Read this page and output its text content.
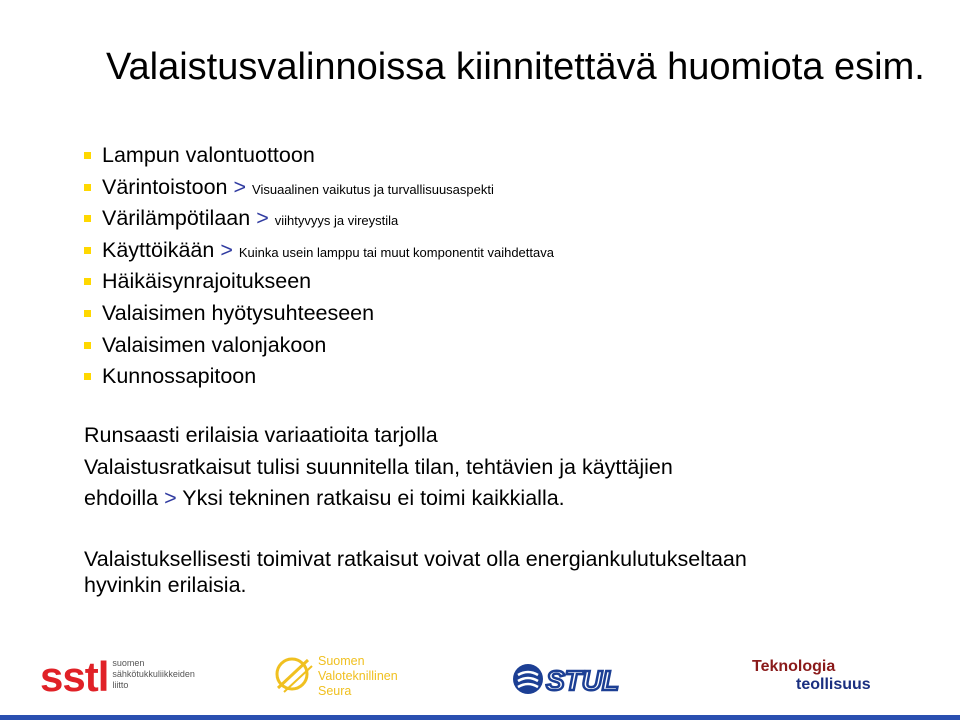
Valaistusvalinnoissa kiinnitettävä huomiota esim.
Lampun valontuottoon
Värintoistoon > Visuaalinen vaikutus ja turvallisuusaspekti
Värilämpötilaan > viihtyvyys ja vireystila
Käyttöikään > Kuinka usein lamppu tai muut komponentit vaihdettava
Häikäisynrajoitukseen
Valaisimen hyötysuhteeseen
Valaisimen valonjakoon
Kunnossapitoon
Runsaasti erilaisia variaatioita tarjolla
Valaistusratkaisut tulisi suunnitella tilan, tehtävien ja käyttäjien
ehdoilla > Yksi tekninen ratkaisu ei toimi kaikkialla.
Valaistuksellisesti toimivat ratkaisut voivat olla energiankulutukseltaan
hyvinkin erilaisia.
sstl suomen
sähkötukkuliikkeiden
liitto
Suomen
Valoteknillinen
Seura	STUL	Teknologia
teollisuus
